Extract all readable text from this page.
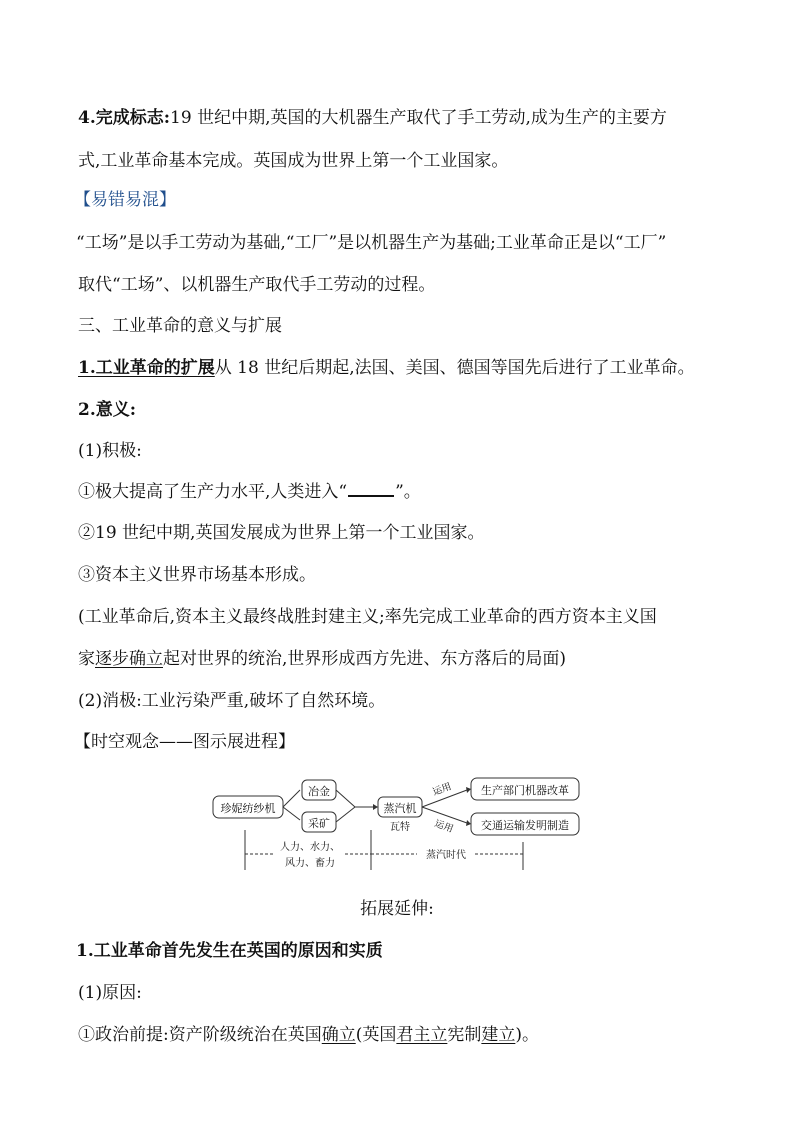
4.完成标志:19 世纪中期,英国的大机器生产取代了手工劳动,成为生产的主要方
式,工业革命基本完成。英国成为世界上第一个工业国家。
【易错易混】
“工场”是以手工劳动为基础,“工厂”是以机器生产为基础;工业革命正是以“工厂”
取代“工场”、以机器生产取代手工劳动的过程。
三、工业革命的意义与扩展
1.工业革命的扩展从 18 世纪后期起,法国、美国、德国等国先后进行了工业革命。
2.意义:
(1)积极:
①极大提高了生产力水平,人类进入“	”。
②19 世纪中期,英国发展成为世界上第一个工业国家。
③资本主义世界市场基本形成。
(工业革命后,资本主义最终战胜封建主义;率先完成工业革命的西方资本主义国
家逐步确立起对世界的统治,世界形成西方先进、东方落后的局面)
(2)消极:工业污染严重,破坏了自然环境。
【时空观念——图示展进程】
珍妮纺纱机
冶金
采矿
蒸汽机
瓦特
运用
运用
生产部门机器改革
交通运输发明制造
人力、水力、
风力、畜力
蒸汽时代
拓展延伸:
1.工业革命首先发生在英国的原因和实质
(1)原因:
①政治前提:资产阶级统治在英国确立(英国君主立宪制建立)。
